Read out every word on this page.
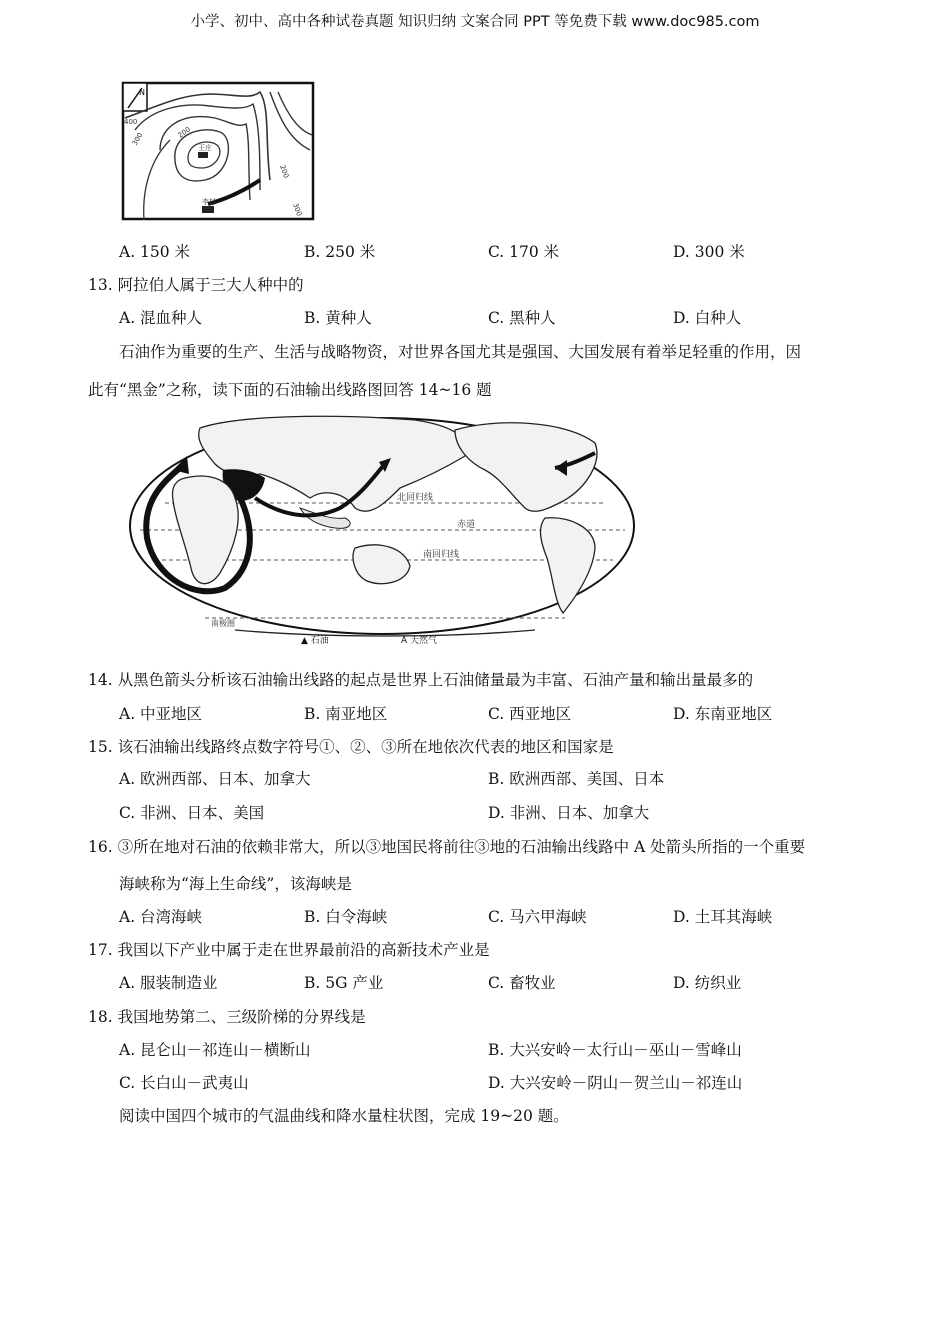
小学、初中、高中各种试卷真题 知识归纳 文案合同 PPT 等免费下载 www.doc985.com
N
400
300	200
200
300
王庄
李村
A. 150 米	B. 250 米	C. 170 米	D. 300 米
13. 阿拉伯人属于三大人种中的
A. 混血种人	B. 黄种人	C. 黑种人	D. 白种人
石油作为重要的生产、生活与战略物资，对世界各国尤其是强国、大国发展有着举足轻重的作用，因
此有“黑金”之称，读下面的石油输出线路图回答 14~16 题
北回归线
赤道
南回归线
南极圈
▲ 石油	A 天然气
14. 从黑色箭头分析该石油输出线路的起点是世界上石油储量最为丰富、石油产量和输出量最多的
A. 中亚地区	B. 南亚地区	C. 西亚地区	D. 东南亚地区
15. 该石油输出线路终点数字符号①、②、③所在地依次代表的地区和国家是
A. 欧洲西部、日本、加拿大	B. 欧洲西部、美国、日本
C. 非洲、日本、美国	D. 非洲、日本、加拿大
16. ③所在地对石油的依赖非常大，所以③地国民将前往③地的石油输出线路中 A 处箭头所指的一个重要
海峡称为“海上生命线”，该海峡是
A. 台湾海峡	B. 白令海峡	C. 马六甲海峡	D. 土耳其海峡
17. 我国以下产业中属于走在世界最前沿的高新技术产业是
A. 服装制造业	B. 5G 产业	C. 畜牧业	D. 纺织业
18. 我国地势第二、三级阶梯的分界线是
A. 昆仑山－祁连山－横断山	B. 大兴安岭－太行山－巫山－雪峰山
C. 长白山－武夷山	D. 大兴安岭－阴山－贺兰山－祁连山
阅读中国四个城市的气温曲线和降水量柱状图，完成 19~20 题。
